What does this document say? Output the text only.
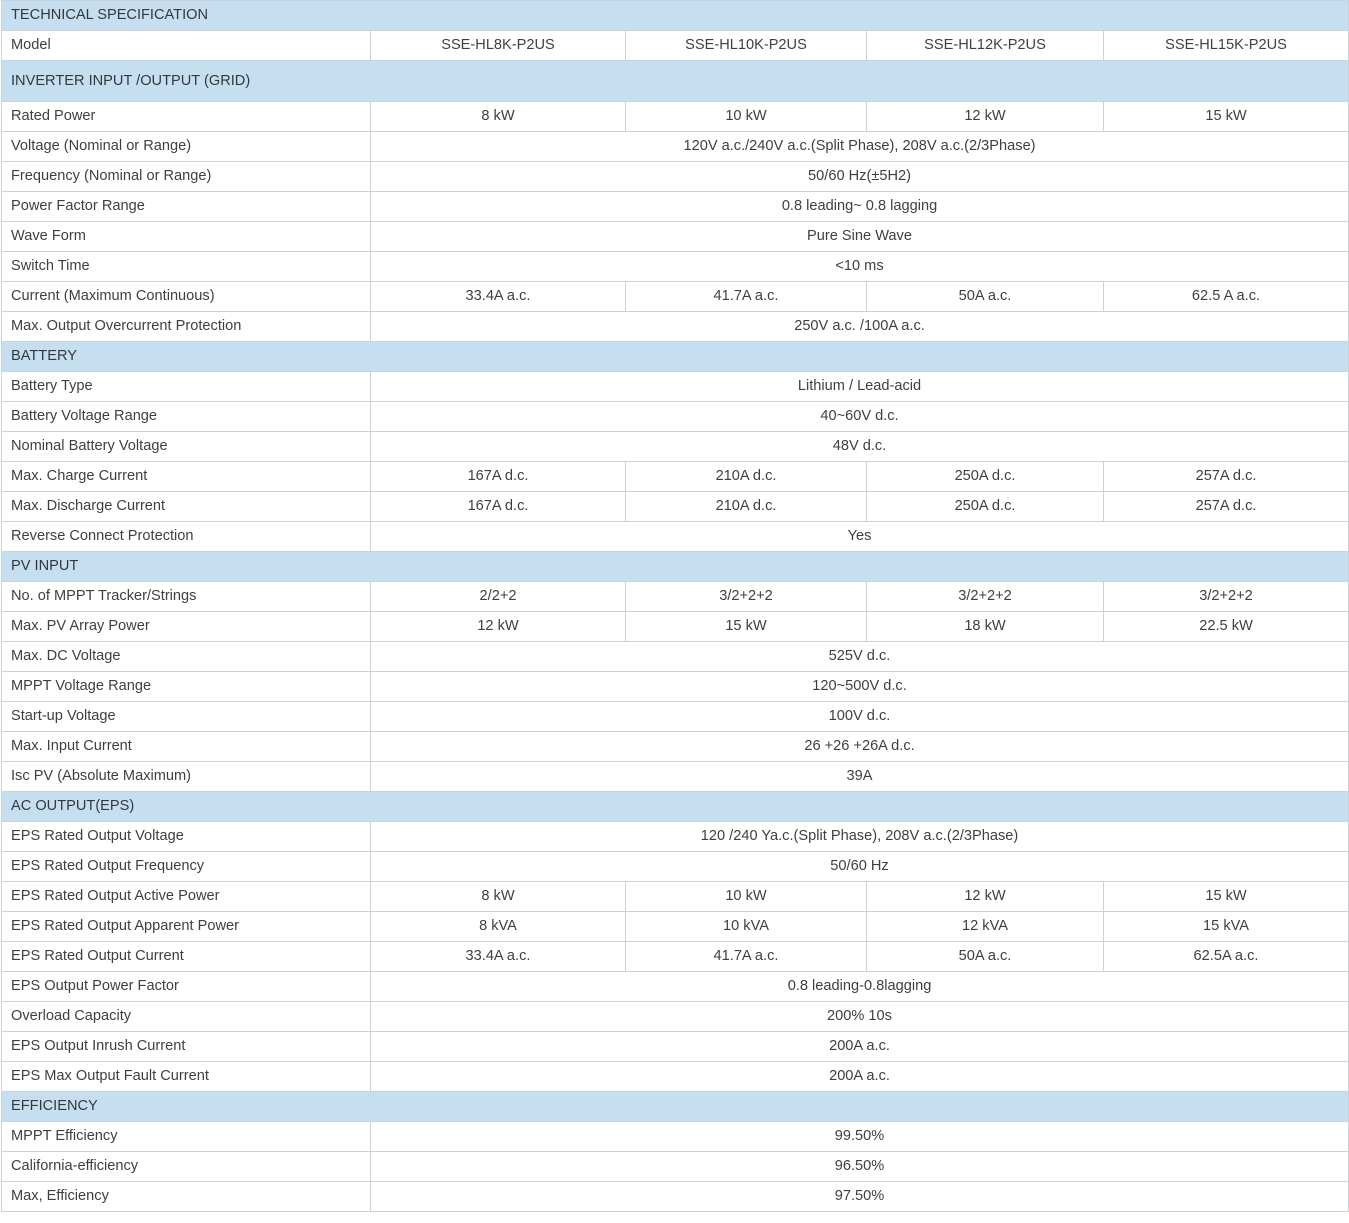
TECHNICAL SPECIFICATION				
Model	SSE-HL8K-P2US	SSE-HL10K-P2US	SSE-HL12K-P2US	SSE-HL15K-P2US
INVERTER INPUT /OUTPUT (GRID)				
Rated Power	8 kW	10 kW	12 kW	15 kW
Voltage (Nominal or Range)	120V a.c./240V a.c.(Split Phase), 208V a.c.(2/3Phase)			
Frequency (Nominal or Range)	50/60 Hz(±5H2)			
Power Factor Range	0.8 leading~ 0.8 lagging			
Wave Form	Pure Sine Wave			
Switch Time	<10 ms			
Current (Maximum Continuous)	33.4A a.c.	41.7A a.c.	50A a.c.	62.5 A a.c.
Max. Output Overcurrent Protection	250V a.c. /100A a.c.			
BATTERY				
Battery Type	Lithium / Lead-acid			
Battery Voltage Range	40~60V d.c.			
Nominal Battery Voltage	48V d.c.			
Max. Charge Current	167A d.c.	210A d.c.	250A d.c.	257A d.c.
Max. Discharge Current	167A d.c.	210A d.c.	250A d.c.	257A d.c.
Reverse Connect Protection	Yes			
PV INPUT				
No. of MPPT Tracker/Strings	2/2+2	3/2+2+2	3/2+2+2	3/2+2+2
Max. PV Array Power	12 kW	15 kW	18 kW	22.5 kW
Max. DC Voltage	525V d.c.			
MPPT Voltage Range	120~500V d.c.			
Start-up Voltage	100V d.c.			
Max. Input Current	26 +26 +26A d.c.			
Isc PV (Absolute Maximum)	39A			
AC OUTPUT(EPS)				
EPS Rated Output Voltage	120 /240 Ya.c.(Split Phase), 208V a.c.(2/3Phase)			
EPS Rated Output Frequency	50/60 Hz			
EPS Rated Output Active Power	8 kW	10 kW	12 kW	15 kW
EPS Rated Output Apparent Power	8 kVA	10 kVA	12 kVA	15 kVA
EPS Rated Output Current	33.4A a.c.	41.7A a.c.	50A a.c.	62.5A a.c.
EPS Output Power Factor	0.8 leading-0.8lagging			
Overload Capacity	200% 10s			
EPS Output Inrush Current	200A a.c.			
EPS Max Output Fault Current	200A a.c.			
EFFICIENCY				
MPPT Efficiency	99.50%			
California-efficiency	96.50%			
Max, Efficiency	97.50%			
